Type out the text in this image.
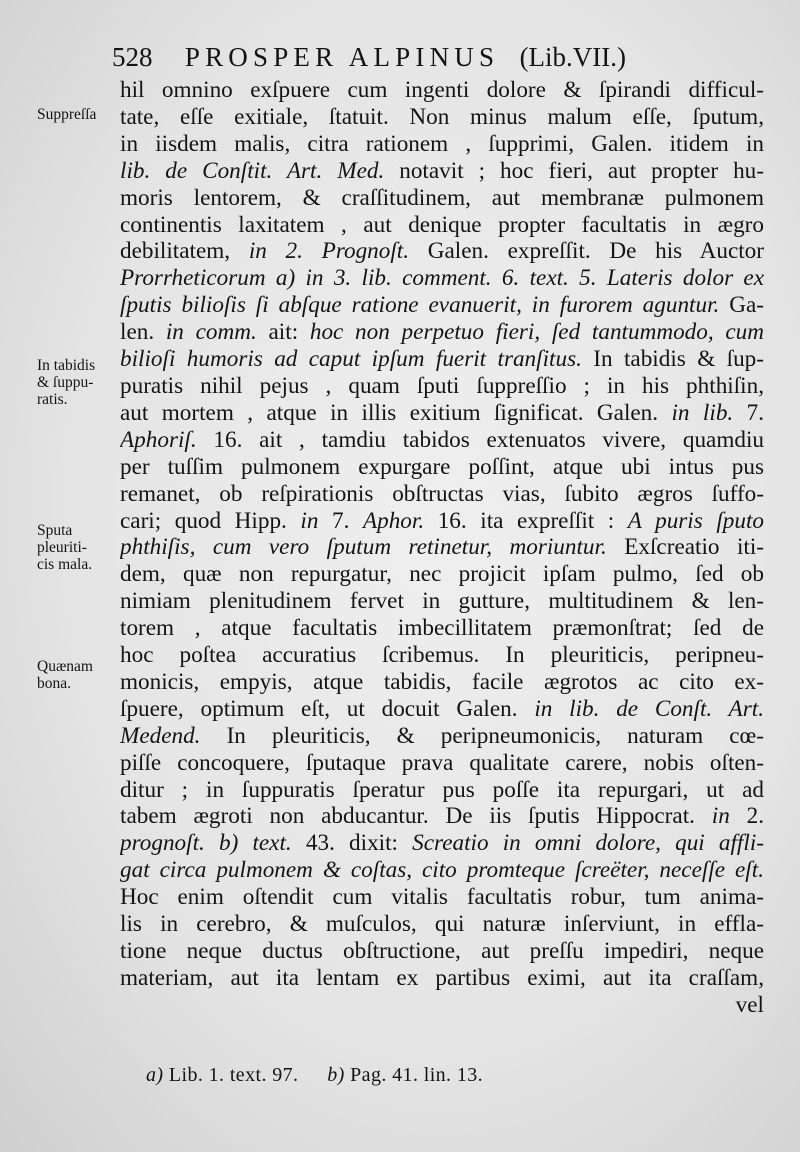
528 PROSPER ALPINUS (Lib.VII.)
Suppreſſa
In tabidis
& ſuppu-
ratis.
Sputa
pleuriti-
cis mala.
Quænam
bona.
hil omnino exſpuere cum ingenti dolore & ſpirandi difficul-
tate, eſſe exitiale, ſtatuit. Non minus malum eſſe, ſputum,
in iisdem malis, citra rationem , ſupprimi, Galen. itidem in
lib. de Conſtit. Art. Med. notavit ; hoc fieri, aut propter hu-
moris lentorem, & craſſitudinem, aut membranæ pulmonem
continentis laxitatem , aut denique propter facultatis in ægro
debilitatem, in 2. Prognoſt. Galen. expreſſit. De his Auctor
Prorrheticorum a) in 3. lib. comment. 6. text. 5. Lateris dolor ex
ſputis bilioſis ſi abſque ratione evanuerit, in furorem aguntur. Ga-
len. in comm. ait: hoc non perpetuo fieri, ſed tantummodo, cum
bilioſi humoris ad caput ipſum fuerit tranſitus. In tabidis & ſup-
puratis nihil pejus , quam ſputi ſuppreſſio ; in his phthiſin,
aut mortem , atque in illis exitium ſignificat. Galen. in lib. 7.
Aphoriſ. 16. ait , tamdiu tabidos extenuatos vivere, quamdiu
per tuſſim pulmonem expurgare poſſint, atque ubi intus pus
remanet, ob reſpirationis obſtructas vias, ſubito ægros ſuffo-
cari; quod Hipp. in 7. Aphor. 16. ita expreſſit : A puris ſputo
phthiſis, cum vero ſputum retinetur, moriuntur. Exſcreatio iti-
dem, quæ non repurgatur, nec projicit ipſam pulmo, ſed ob
nimiam plenitudinem fervet in gutture, multitudinem & len-
torem , atque facultatis imbecillitatem præmonſtrat; ſed de
hoc poſtea accuratius ſcribemus. In pleuriticis, peripneu-
monicis, empyis, atque tabidis, facile ægrotos ac cito ex-
ſpuere, optimum eſt, ut docuit Galen. in lib. de Conſt. Art.
Medend. In pleuriticis, & peripneumonicis, naturam cœ-
piſſe concoquere, ſputaque prava qualitate carere, nobis oſten-
ditur ; in ſuppuratis ſperatur pus poſſe ita repurgari, ut ad
tabem ægroti non abducantur. De iis ſputis Hippocrat. in 2.
prognoſt. b) text. 43. dixit: Screatio in omni dolore, qui affli-
gat circa pulmonem & coſtas, cito promteque ſcreëter, neceſſe eſt.
Hoc enim oſtendit cum vitalis facultatis robur, tum anima-
lis in cerebro, & muſculos, qui naturæ inſerviunt, in effla-
tione neque ductus obſtructione, aut preſſu impediri, neque
materiam, aut ita lentam ex partibus eximi, aut ita craſſam,
vel
a) Lib. 1. text. 97. b) Pag. 41. lin. 13.
